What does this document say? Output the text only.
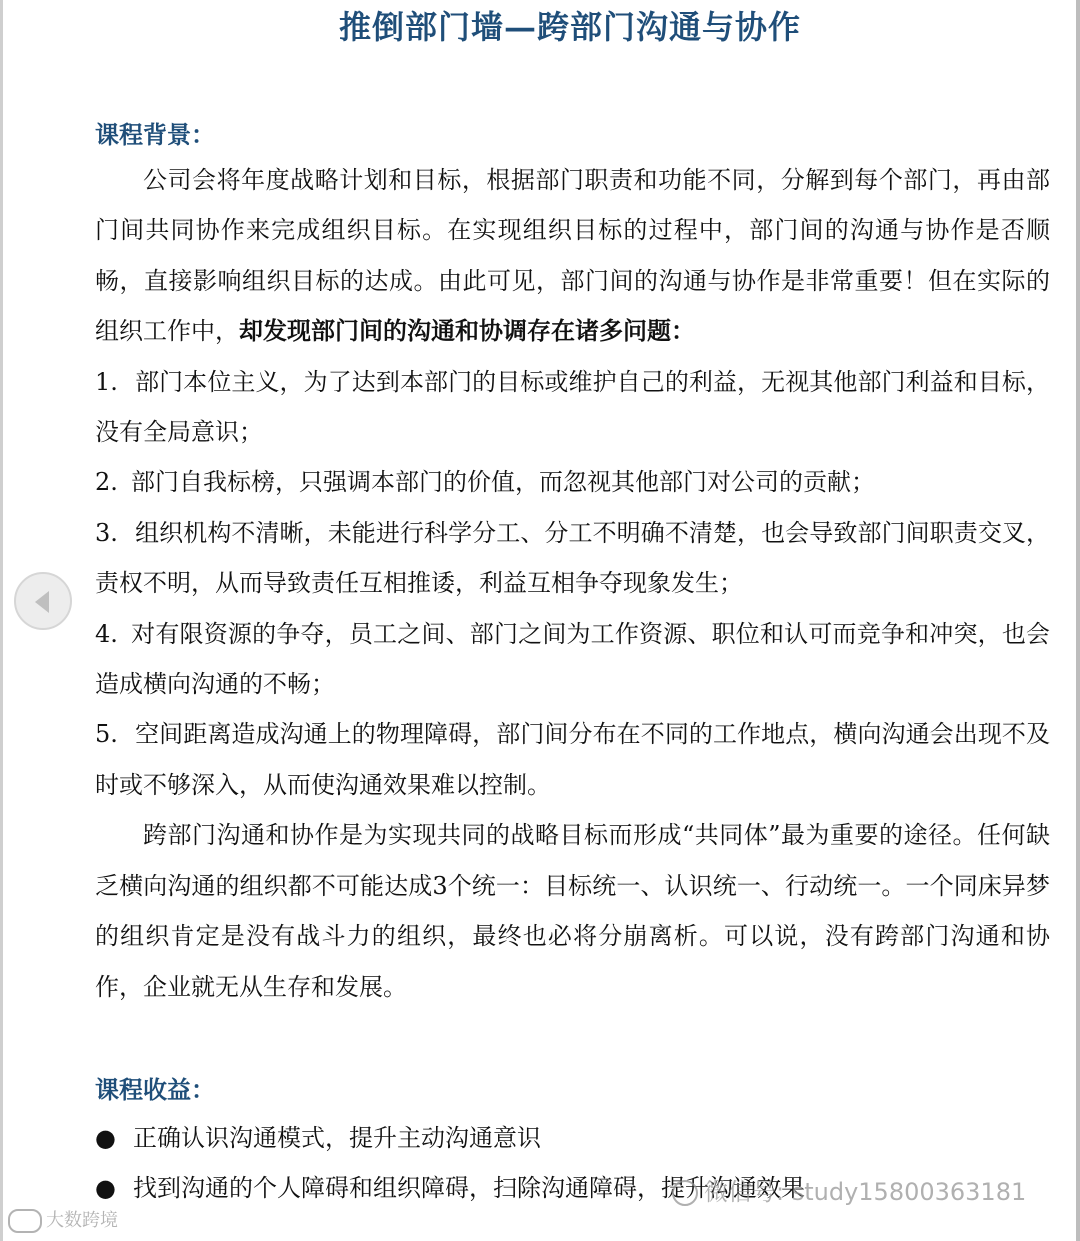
推倒部门墙—跨部门沟通与协作
课程背景：

公司会将年度战略计划和目标，根据部门职责和功能不同，分解到每个部门，再由部门间共同协作来完成组织目标。在实现组织目标的过程中，部门间的沟通与协作是否顺畅，直接影响组织目标的达成。由此可见，部门间的沟通与协作是非常重要！但在实际的组织工作中，却发现部门间的沟通和协调存在诸多问题：

1. 部门本位主义，为了达到本部门的目标或维护自己的利益，无视其他部门利益和目标，没有全局意识；

2. 部门自我标榜，只强调本部门的价值，而忽视其他部门对公司的贡献；

3. 组织机构不清晰，未能进行科学分工、分工不明确不清楚，也会导致部门间职责交叉，责权不明，从而导致责任互相推诿，利益互相争夺现象发生；

4. 对有限资源的争夺，员工之间、部门之间为工作资源、职位和认可而竞争和冲突，也会造成横向沟通的不畅；

5. 空间距离造成沟通上的物理障碍，部门间分布在不同的工作地点，横向沟通会出现不及时或不够深入，从而使沟通效果难以控制。

跨部门沟通和协作是为实现共同的战略目标而形成“共同体”最为重要的途径。任何缺乏横向沟通的组织都不可能达成3个统一：目标统一、认识统一、行动统一。一个同床异梦的组织肯定是没有战斗力的组织，最终也必将分崩离析。可以说，没有跨部门沟通和协作，企业就无从生存和发展。

课程收益：
● 正确认识沟通模式，提升主动沟通意识
● 找到沟通的个人障碍和组织障碍，扫除沟通障碍，提升沟通效果
微信号: study15800363181
大数跨境
